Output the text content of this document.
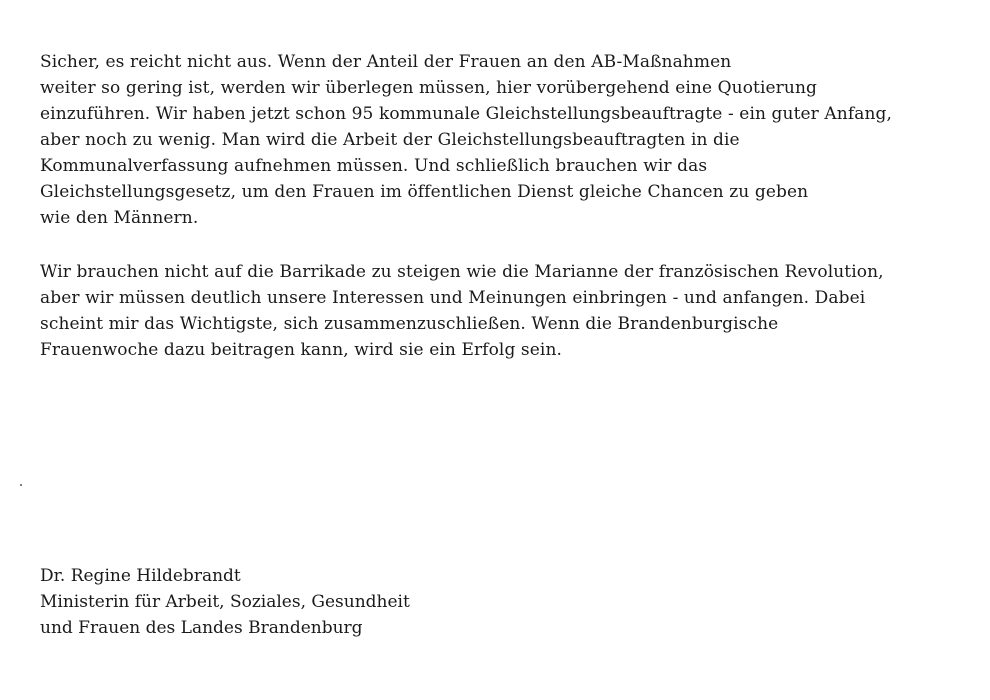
Sicher, es reicht nicht aus. Wenn der Anteil der Frauen an den AB-Maßnahmen
weiter so gering ist, werden wir überlegen müssen, hier vorübergehend eine Quotierung
einzuführen. Wir haben jetzt schon 95 kommunale Gleichstellungsbeauftragte - ein guter Anfang,
aber noch zu wenig. Man wird die Arbeit der Gleichstellungsbeauftragten in die
Kommunalverfassung aufnehmen müssen. Und schließlich brauchen wir das
Gleichstellungsgesetz, um den Frauen im öffentlichen Dienst gleiche Chancen zu geben
wie den Männern.

Wir brauchen nicht auf die Barrikade zu steigen wie die Marianne der französischen Revolution,
aber wir müssen deutlich unsere Interessen und Meinungen einbringen - und anfangen. Dabei
scheint mir das Wichtigste, sich zusammenzuschließen. Wenn die Brandenburgische
Frauenwoche dazu beitragen kann, wird sie ein Erfolg sein.

Dr. Regine Hildebrandt
Ministerin für Arbeit, Soziales, Gesundheit
und Frauen des Landes Brandenburg
